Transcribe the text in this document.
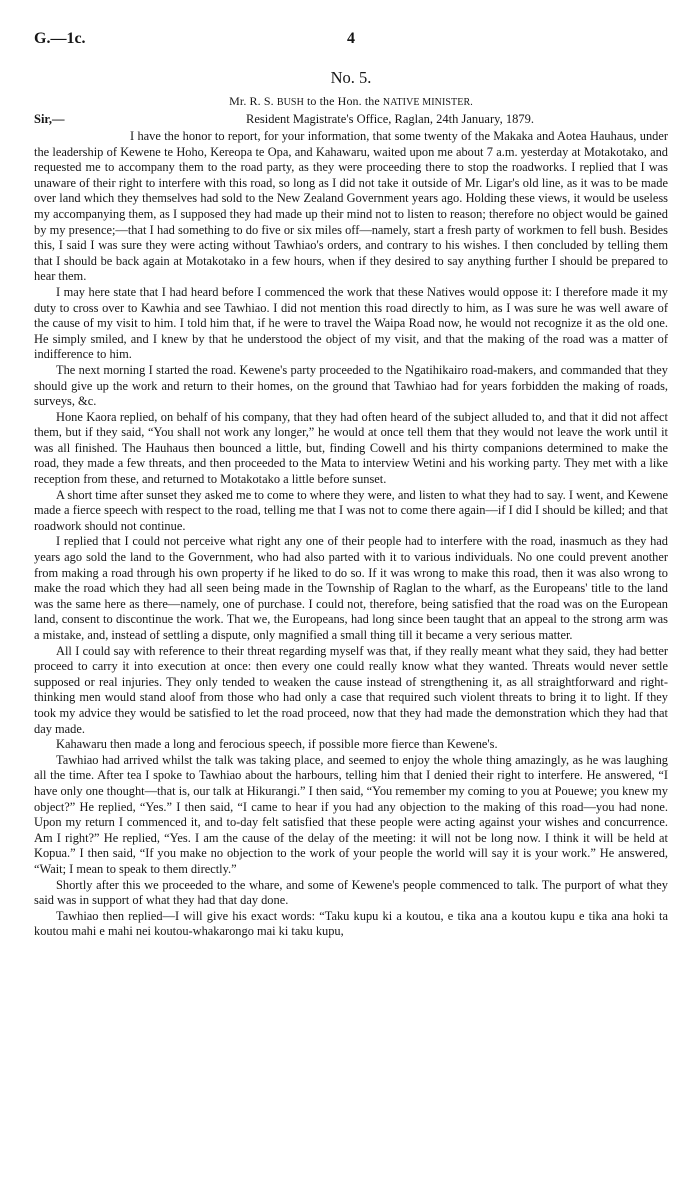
G.—1c.	4
No. 5.
Mr. R. S. BUSH to the Hon. the NATIVE MINISTER.
Sir,—	Resident Magistrate's Office, Raglan, 24th January, 1879.

I have the honor to report, for your information, that some twenty of the Makaka and Aotea Hauhaus, under the leadership of Kewene te Hoho, Kereopa te Opa, and Kahawaru, waited upon me about 7 a.m. yesterday at Motakotako, and requested me to accompany them to the road party, as they were proceeding there to stop the roadworks. I replied that I was unaware of their right to interfere with this road, so long as I did not take it outside of Mr. Ligar's old line, as it was to be made over land which they themselves had sold to the New Zealand Government years ago. Holding these views, it would be useless my accompanying them, as I supposed they had made up their mind not to listen to reason; therefore no object would be gained by my presence;—that I had something to do five or six miles off—namely, start a fresh party of workmen to fell bush. Besides this, I said I was sure they were acting without Tawhiao's orders, and contrary to his wishes. I then concluded by telling them that I should be back again at Motakotako in a few hours, when if they desired to say anything further I should be prepared to hear them.

I may here state that I had heard before I commenced the work that these Natives would oppose it: I therefore made it my duty to cross over to Kawhia and see Tawhiao. I did not mention this road directly to him, as I was sure he was well aware of the cause of my visit to him. I told him that, if he were to travel the Waipa Road now, he would not recognize it as the old one. He simply smiled, and I knew by that he understood the object of my visit, and that the making of the road was a matter of indifference to him.

The next morning I started the road. Kewene's party proceeded to the Ngatihikairo road-makers, and commanded that they should give up the work and return to their homes, on the ground that Tawhiao had for years forbidden the making of roads, surveys, &c.

Hone Kaora replied, on behalf of his company, that they had often heard of the subject alluded to, and that it did not affect them, but if they said, “You shall not work any longer,” he would at once tell them that they would not leave the work until it was all finished. The Hauhaus then bounced a little, but, finding Cowell and his thirty companions determined to make the road, they made a few threats, and then proceeded to the Mata to interview Wetini and his working party. They met with a like reception from these, and returned to Motakotako a little before sunset.

A short time after sunset they asked me to come to where they were, and listen to what they had to say. I went, and Kewene made a fierce speech with respect to the road, telling me that I was not to come there again—if I did I should be killed; and that roadwork should not continue.

I replied that I could not perceive what right any one of their people had to interfere with the road, inasmuch as they had years ago sold the land to the Government, who had also parted with it to various individuals. No one could prevent another from making a road through his own property if he liked to do so. If it was wrong to make this road, then it was also wrong to make the road which they had all seen being made in the Township of Raglan to the wharf, as the Europeans' title to the land was the same here as there—namely, one of purchase. I could not, therefore, being satisfied that the road was on the European land, consent to discontinue the work. That we, the Europeans, had long since been taught that an appeal to the strong arm was a mistake, and, instead of settling a dispute, only magnified a small thing till it became a very serious matter.

All I could say with reference to their threat regarding myself was that, if they really meant what they said, they had better proceed to carry it into execution at once: then every one could really know what they wanted. Threats would never settle supposed or real injuries. They only tended to weaken the cause instead of strengthening it, as all straightforward and right-thinking men would stand aloof from those who had only a case that required such violent threats to bring it to light. If they took my advice they would be satisfied to let the road proceed, now that they had made the demonstration which they had that day made.

Kahawaru then made a long and ferocious speech, if possible more fierce than Kewene's.

Tawhiao had arrived whilst the talk was taking place, and seemed to enjoy the whole thing amazingly, as he was laughing all the time. After tea I spoke to Tawhiao about the harbours, telling him that I denied their right to interfere. He answered, “I have only one thought—that is, our talk at Hikurangi.” I then said, “You remember my coming to you at Pouewe; you knew my object?” He replied, “Yes.” I then said, “I came to hear if you had any objection to the making of this road—you had none. Upon my return I commenced it, and to-day felt satisfied that these people were acting against your wishes and concurrence. Am I right?” He replied, “Yes. I am the cause of the delay of the meeting: it will not be long now. I think it will be held at Kopua.” I then said, “If you make no objection to the work of your people the world will say it is your work.” He answered, “Wait; I mean to speak to them directly.”

Shortly after this we proceeded to the whare, and some of Kewene's people commenced to talk. The purport of what they said was in support of what they had that day done.

Tawhiao then replied—I will give his exact words: “Taku kupu ki a koutou, e tika ana a koutou kupu e tika ana hoki ta koutou mahi e mahi nei koutou-whakarongo mai ki taku kupu,
